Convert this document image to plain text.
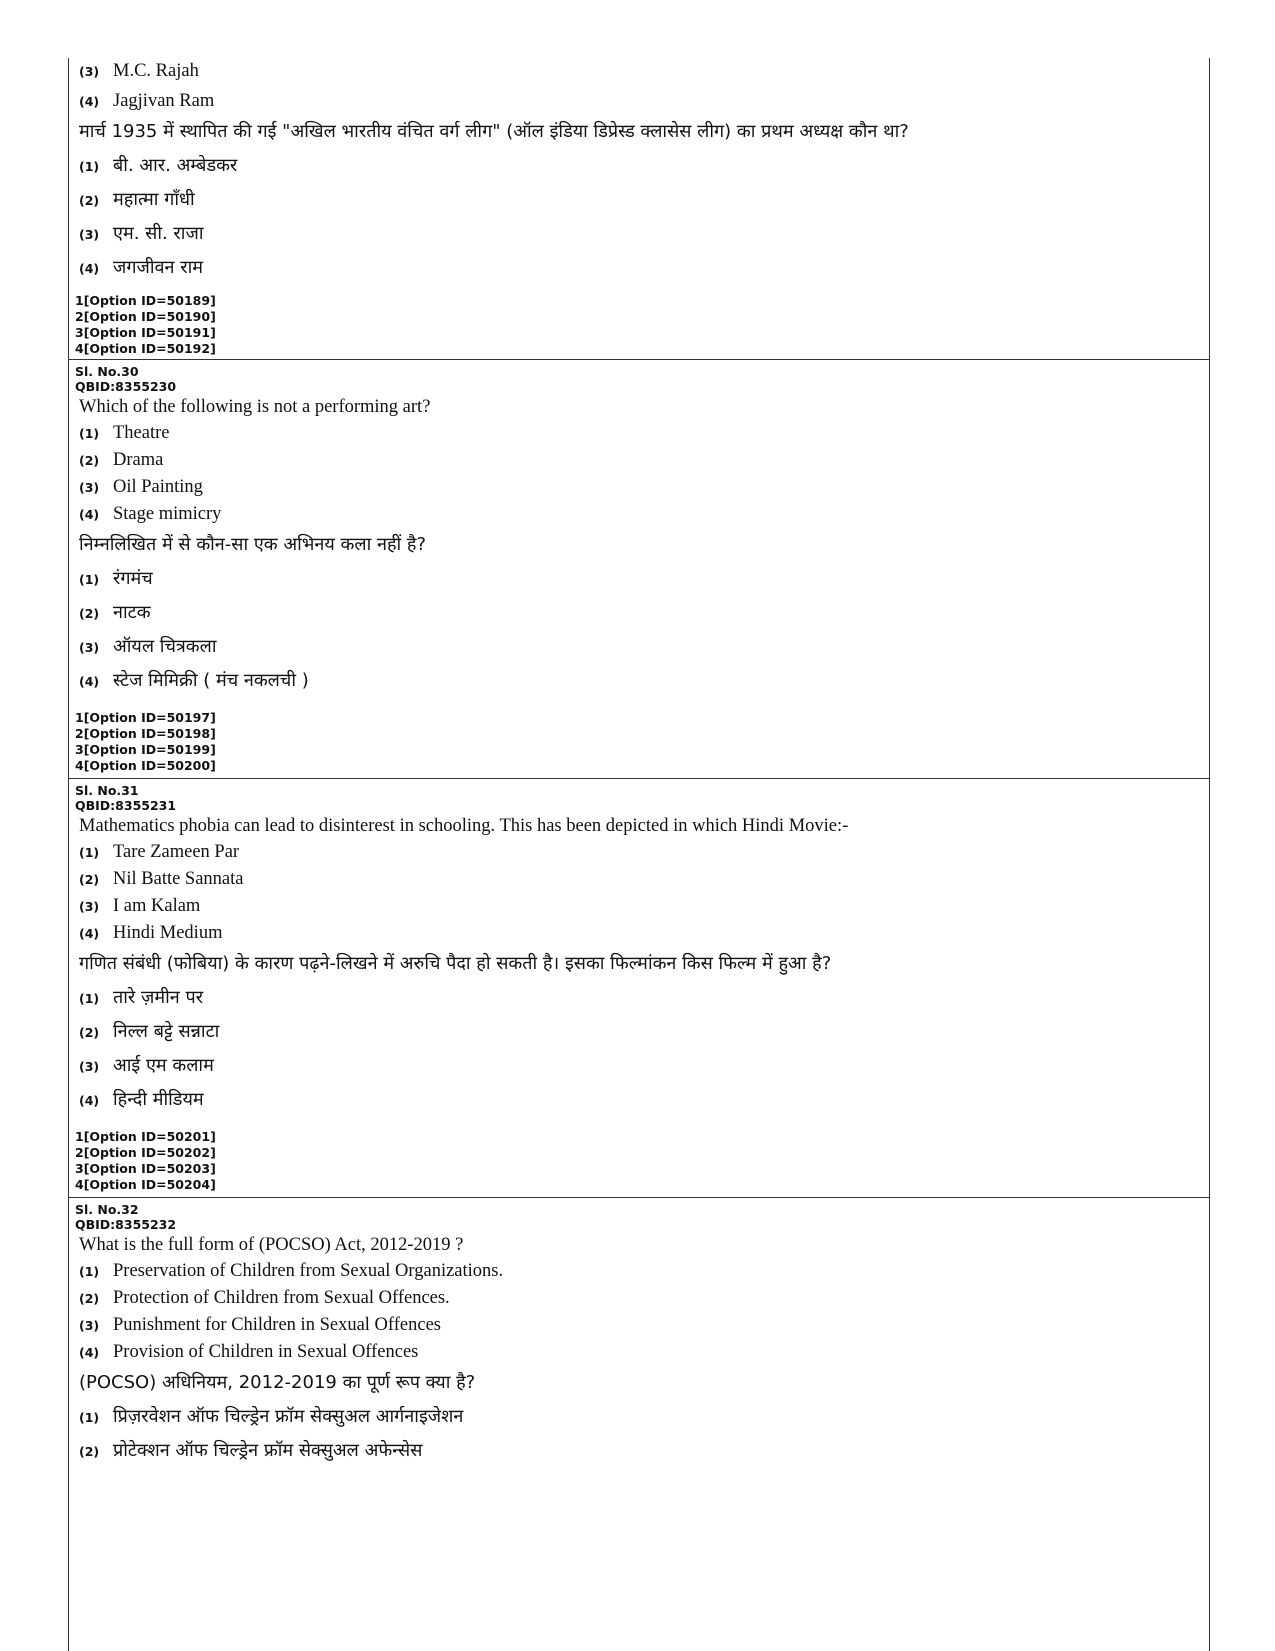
(3) M.C. Rajah
(4) Jagjivan Ram
मार्च 1935 में स्थापित की गई "अखिल भारतीय वंचित वर्ग लीग" (ऑल इंडिया डिप्रेस्ड क्लासेस लीग) का प्रथम अध्यक्ष कौन था?
(1) बी. आर. अम्बेडकर
(2) महात्मा गाँधी
(3) एम. सी. राजा
(4) जगजीवन राम
1[Option ID=50189]
2[Option ID=50190]
3[Option ID=50191]
4[Option ID=50192]
Sl. No.30
QBID:8355230
Which of the following is not a performing art?
(1) Theatre
(2) Drama
(3) Oil Painting
(4) Stage mimicry
निम्नलिखित में से कौन-सा एक अभिनय कला नहीं है?
(1) रंगमंच
(2) नाटक
(3) ऑयल चित्रकला
(4) स्टेज मिमिक्री ( मंच नकलची )
1[Option ID=50197]
2[Option ID=50198]
3[Option ID=50199]
4[Option ID=50200]
Sl. No.31
QBID:8355231
Mathematics phobia can lead to disinterest in schooling. This has been depicted in which Hindi Movie:-
(1) Tare Zameen Par
(2) Nil Batte Sannata
(3) I am Kalam
(4) Hindi Medium
गणित संबंधी (फोबिया) के कारण पढ़ने-लिखने में अरुचि पैदा हो सकती है। इसका फिल्मांकन किस फिल्म में हुआ है?
(1) तारे ज़मीन पर
(2) निल्ल बट्टे सन्नाटा
(3) आई एम कलाम
(4) हिन्दी मीडियम
1[Option ID=50201]
2[Option ID=50202]
3[Option ID=50203]
4[Option ID=50204]
Sl. No.32
QBID:8355232
What is the full form of (POCSO) Act, 2012-2019 ?
(1) Preservation of Children from Sexual Organizations.
(2) Protection of Children from Sexual Offences.
(3) Punishment for Children in Sexual Offences
(4) Provision of Children in Sexual Offences
(POCSO) अधिनियम, 2012-2019 का पूर्ण रूप क्या है?
(1) प्रिज़रवेशन ऑफ चिल्ड्रेन फ्रॉम सेक्सुअल आर्गनाइजेशन
(2) प्रोटेक्शन ऑफ चिल्ड्रेन फ्रॉम सेक्सुअल अफेन्सेस
